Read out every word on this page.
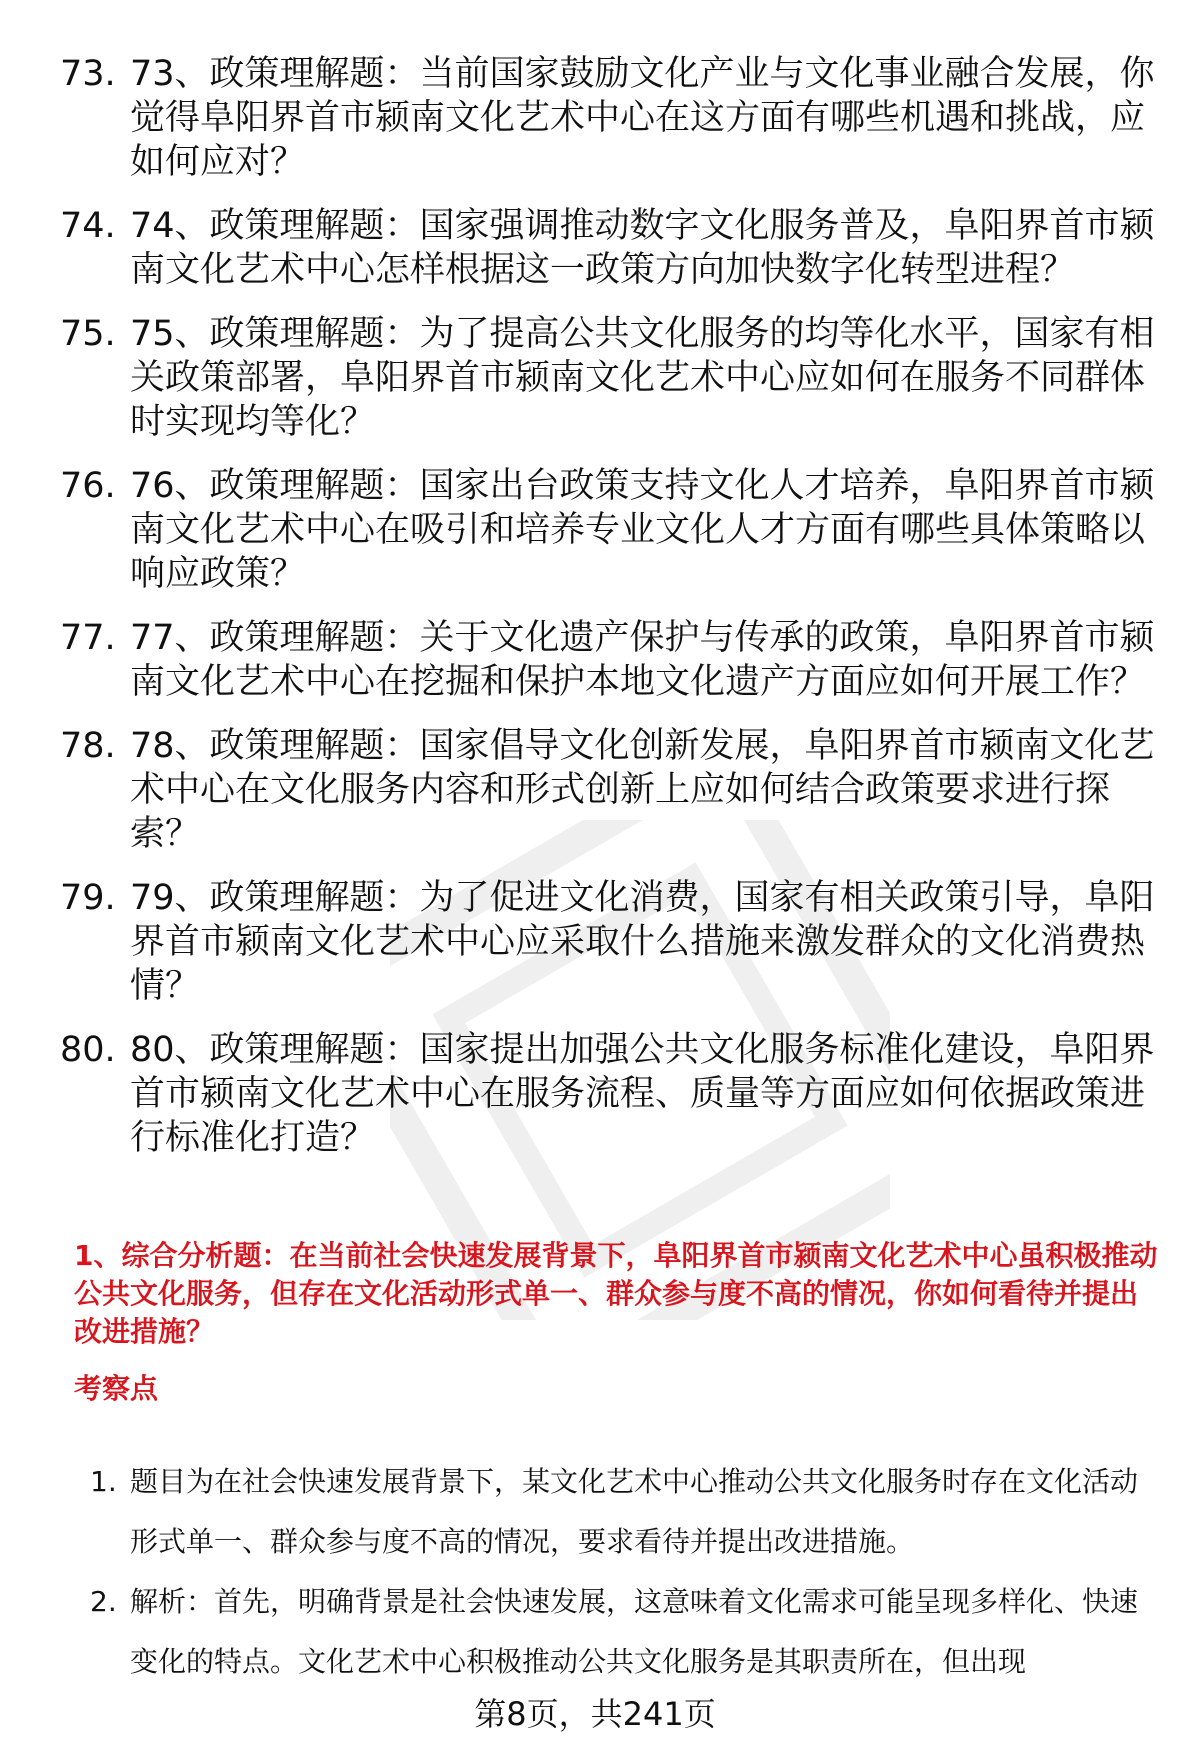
73. 73、政策理解题：当前国家鼓励文化产业与文化事业融合发展，你觉得阜阳界首市颍南文化艺术中心在这方面有哪些机遇和挑战，应如何应对？
74. 74、政策理解题：国家强调推动数字文化服务普及，阜阳界首市颍南文化艺术中心怎样根据这一政策方向加快数字化转型进程？
75. 75、政策理解题：为了提高公共文化服务的均等化水平，国家有相关政策部署，阜阳界首市颍南文化艺术中心应如何在服务不同群体时实现均等化？
76. 76、政策理解题：国家出台政策支持文化人才培养，阜阳界首市颍南文化艺术中心在吸引和培养专业文化人才方面有哪些具体策略以响应政策？
77. 77、政策理解题：关于文化遗产保护与传承的政策，阜阳界首市颍南文化艺术中心在挖掘和保护本地文化遗产方面应如何开展工作？
78. 78、政策理解题：国家倡导文化创新发展，阜阳界首市颍南文化艺术中心在文化服务内容和形式创新上应如何结合政策要求进行探索？
79. 79、政策理解题：为了促进文化消费，国家有相关政策引导，阜阳界首市颍南文化艺术中心应采取什么措施来激发群众的文化消费热情？
80. 80、政策理解题：国家提出加强公共文化服务标准化建设，阜阳界首市颍南文化艺术中心在服务流程、质量等方面应如何依据政策进行标准化打造？
1、综合分析题：在当前社会快速发展背景下，阜阳界首市颍南文化艺术中心虽积极推动公共文化服务，但存在文化活动形式单一、群众参与度不高的情况，你如何看待并提出改进措施？
考察点
1. 题目为在社会快速发展背景下，某文化艺术中心推动公共文化服务时存在文化活动形式单一、群众参与度不高的情况，要求看待并提出改进措施。
2. 解析：首先，明确背景是社会快速发展，这意味着文化需求可能呈现多样化、快速变化的特点。文化艺术中心积极推动公共文化服务是其职责所在，但出现
第8页，共241页
